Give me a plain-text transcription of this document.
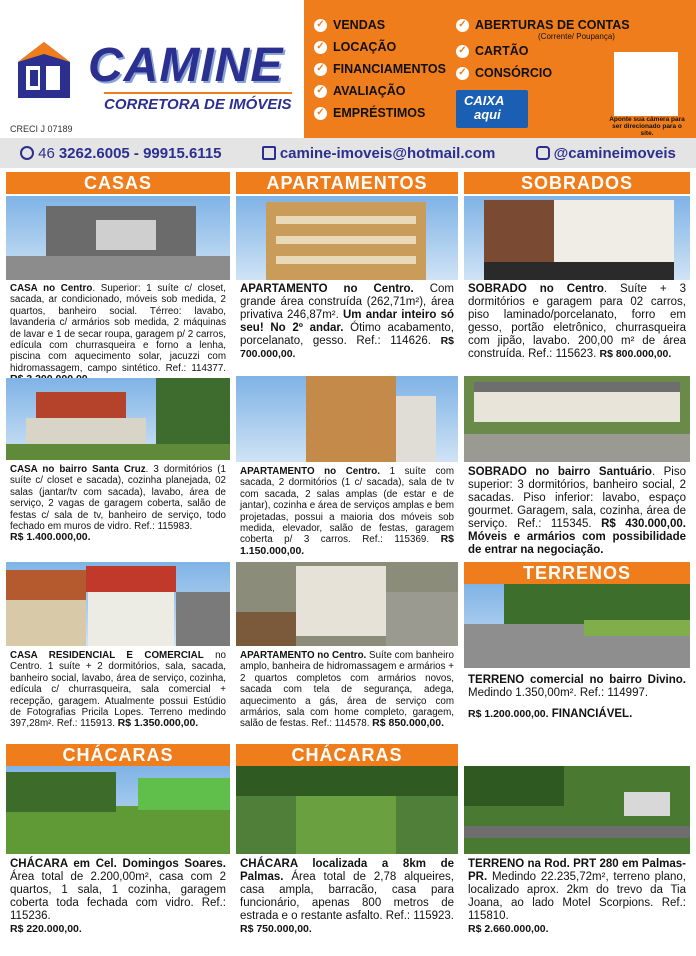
CAMINE
CORRETORA DE IMÓVEIS
CRECI J 07189
✓ VENDAS
✓ LOCAÇÃO
✓ FINANCIAMENTOS
✓ AVALIAÇÃO
✓ EMPRÉSTIMOS
✓ ABERTURAS DE CONTAS
(Corrente/ Poupança)
✓ CARTÃO
✓ CONSÓRCIO
CAIXA
aqui	Aponte sua câmera para ser direcionado para o site.
46 3262.6005 - 99915.6115	camine-imoveis@hotmail.com	@camineimoveis
CASAS	APARTAMENTOS	SOBRADOS
CASA no Centro. Superior: 1 suíte c/ closet, sacada, ar condicionado, móveis sob medida, 2 quartos, banheiro social. Térreo: lavabo, lavanderia c/ armários sob medida, 2 máquinas de lavar e 1 de secar roupa, garagem p/ 2 carros, edícula com churrasqueira e forno a lenha, piscina com aquecimento solar, jacuzzi com hidromassagem, campo sintético. Ref.: 114377.
CASA no bairro Santa Cruz. 3 dormitórios (1 suíte c/ closet e sacada), cozinha planejada, 02 salas (jantar/tv com sacada), lavabo, área de serviço, 2 vagas de garagem coberta, salão de festas c/ sala de tv, banheiro de serviço, todo fechado em muros de vidro. Ref.: 115983.
R$ 1.400.000,00.
CASA RESIDENCIAL E COMERCIAL no Centro. 1 suíte + 2 dormitórios, sala, sacada, banheiro social, lavabo, área de serviço, cozinha, edícula c/ churrasqueira, sala comercial + recepção, garagem. Atualmente possui Estúdio de Fotografias Pricila Lopes. Terreno medindo 397,28m². Ref.: 115913. R$ 1.350.000,00.
CHÁCARAS
CHÁCARA em Cel. Domingos Soares. Área total de 2.200,00m², casa com 2 quartos, 1 sala, 1 cozinha, garagem coberta toda fechada com vidro. Ref.: 115236.
R$ 220.000,00.
APARTAMENTO no Centro. Com grande área construída (262,71m²), área privativa 246,87m². Um andar inteiro só seu! No 2º andar. Ótimo acabamento, porcelanato, gesso. Ref.: 114626. R$ 700.000,00.
APARTAMENTO no Centro. 1 suíte com sacada, 2 dormitórios (1 c/ sacada), sala de tv com sacada, 2 salas amplas (de estar e de jantar), cozinha e área de serviços amplas e bem projetadas, possui a maioria dos móveis sob medida, elevador, salão de festas, garagem coberta p/ 3 carros. Ref.: 115369. R$ 1.150.000,00.
APARTAMENTO no Centro. Suíte com banheiro amplo, banheira de hidromassagem e armários + 2 quartos completos com armários novos, sacada com tela de segurança, adega, aquecimento a gás, área de serviço com armários, sala com home completo, garagem, salão de festas. Ref.: 114578. R$ 850.000,00.
CHÁCARAS
CHÁCARA localizada a 8km de Palmas. Área total de 2,78 alqueires, casa ampla, barracão, casa para funcionário, apenas 800 metros de estrada e o restante asfalto. Ref.: 115923. R$ 750.000,00.
SOBRADO no Centro. Suíte + 3 dormitórios e garagem para 02 carros, piso laminado/porcelanato, forro em gesso, portão eletrônico, churrasqueira com jipão, lavabo. 200,00 m² de área construída. Ref.: 115623. R$ 800.000,00.
SOBRADO no bairro Santuário. Piso superior: 3 dormitórios, banheiro social, 2 sacadas. Piso inferior: lavabo, espaço gourmet. Garagem, sala, cozinha, área de serviço. Ref.: 115345. R$ 430.000,00. Móveis e armários com possibilidade de entrar na negociação.
TERRENOS
TERRENO comercial no bairro Divino. Medindo 1.350,00m². Ref.: 114997.
R$ 1.200.000,00. FINANCIÁVEL.
TERRENO na Rod. PRT 280 em Palmas-PR. Medindo 22.235,72m², terreno plano, localizado aprox. 2km do trevo da Tia Joana, ao lado Motel Scorpions. Ref.: 115810.
R$ 2.660.000,00.
